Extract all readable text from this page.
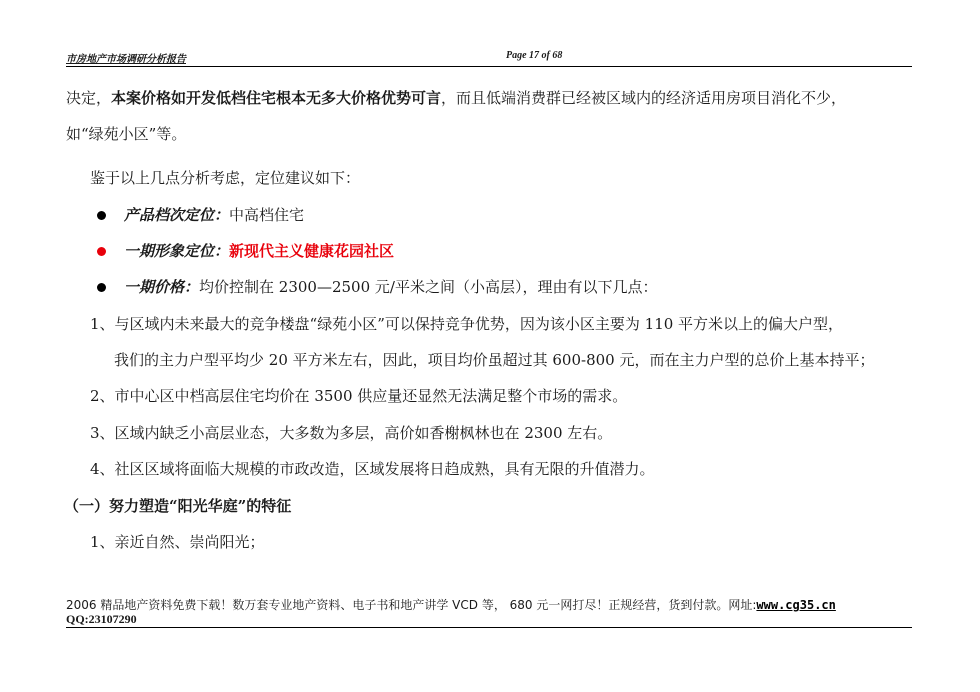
市房地产市场调研分析报告	Page 17 of 68
决定，本案价格如开发低档住宅根本无多大价格优势可言，而且低端消费群已经被区域内的经济适用房项目消化不少，
如“绿苑小区”等。
鉴于以上几点分析考虑，定位建议如下：
产品档次定位：中高档住宅
一期形象定位：新现代主义健康花园社区
一期价格：均价控制在 2300—2500 元/平米之间（小高层），理由有以下几点：
1、与区域内未来最大的竞争楼盘“绿苑小区”可以保持竞争优势，因为该小区主要为 110 平方米以上的偏大户型，
我们的主力户型平均少 20 平方米左右，因此，项目均价虽超过其 600-800 元，而在主力户型的总价上基本持平；
2、市中心区中档高层住宅均价在 3500 供应量还显然无法满足整个市场的需求。
3、区域内缺乏小高层业态，大多数为多层，高价如香榭枫林也在 2300 左右。
4、社区区域将面临大规模的市政改造，区域发展将日趋成熟，具有无限的升值潜力。
（一）努力塑造“阳光华庭”的特征
1、亲近自然、崇尚阳光；
2006 精品地产资料免费下载！数万套专业地产资料、电子书和地产讲学 VCD 等， 680 元一网打尽！正规经营，货到付款。网址:www.cg35.cn
QQ:23107290
